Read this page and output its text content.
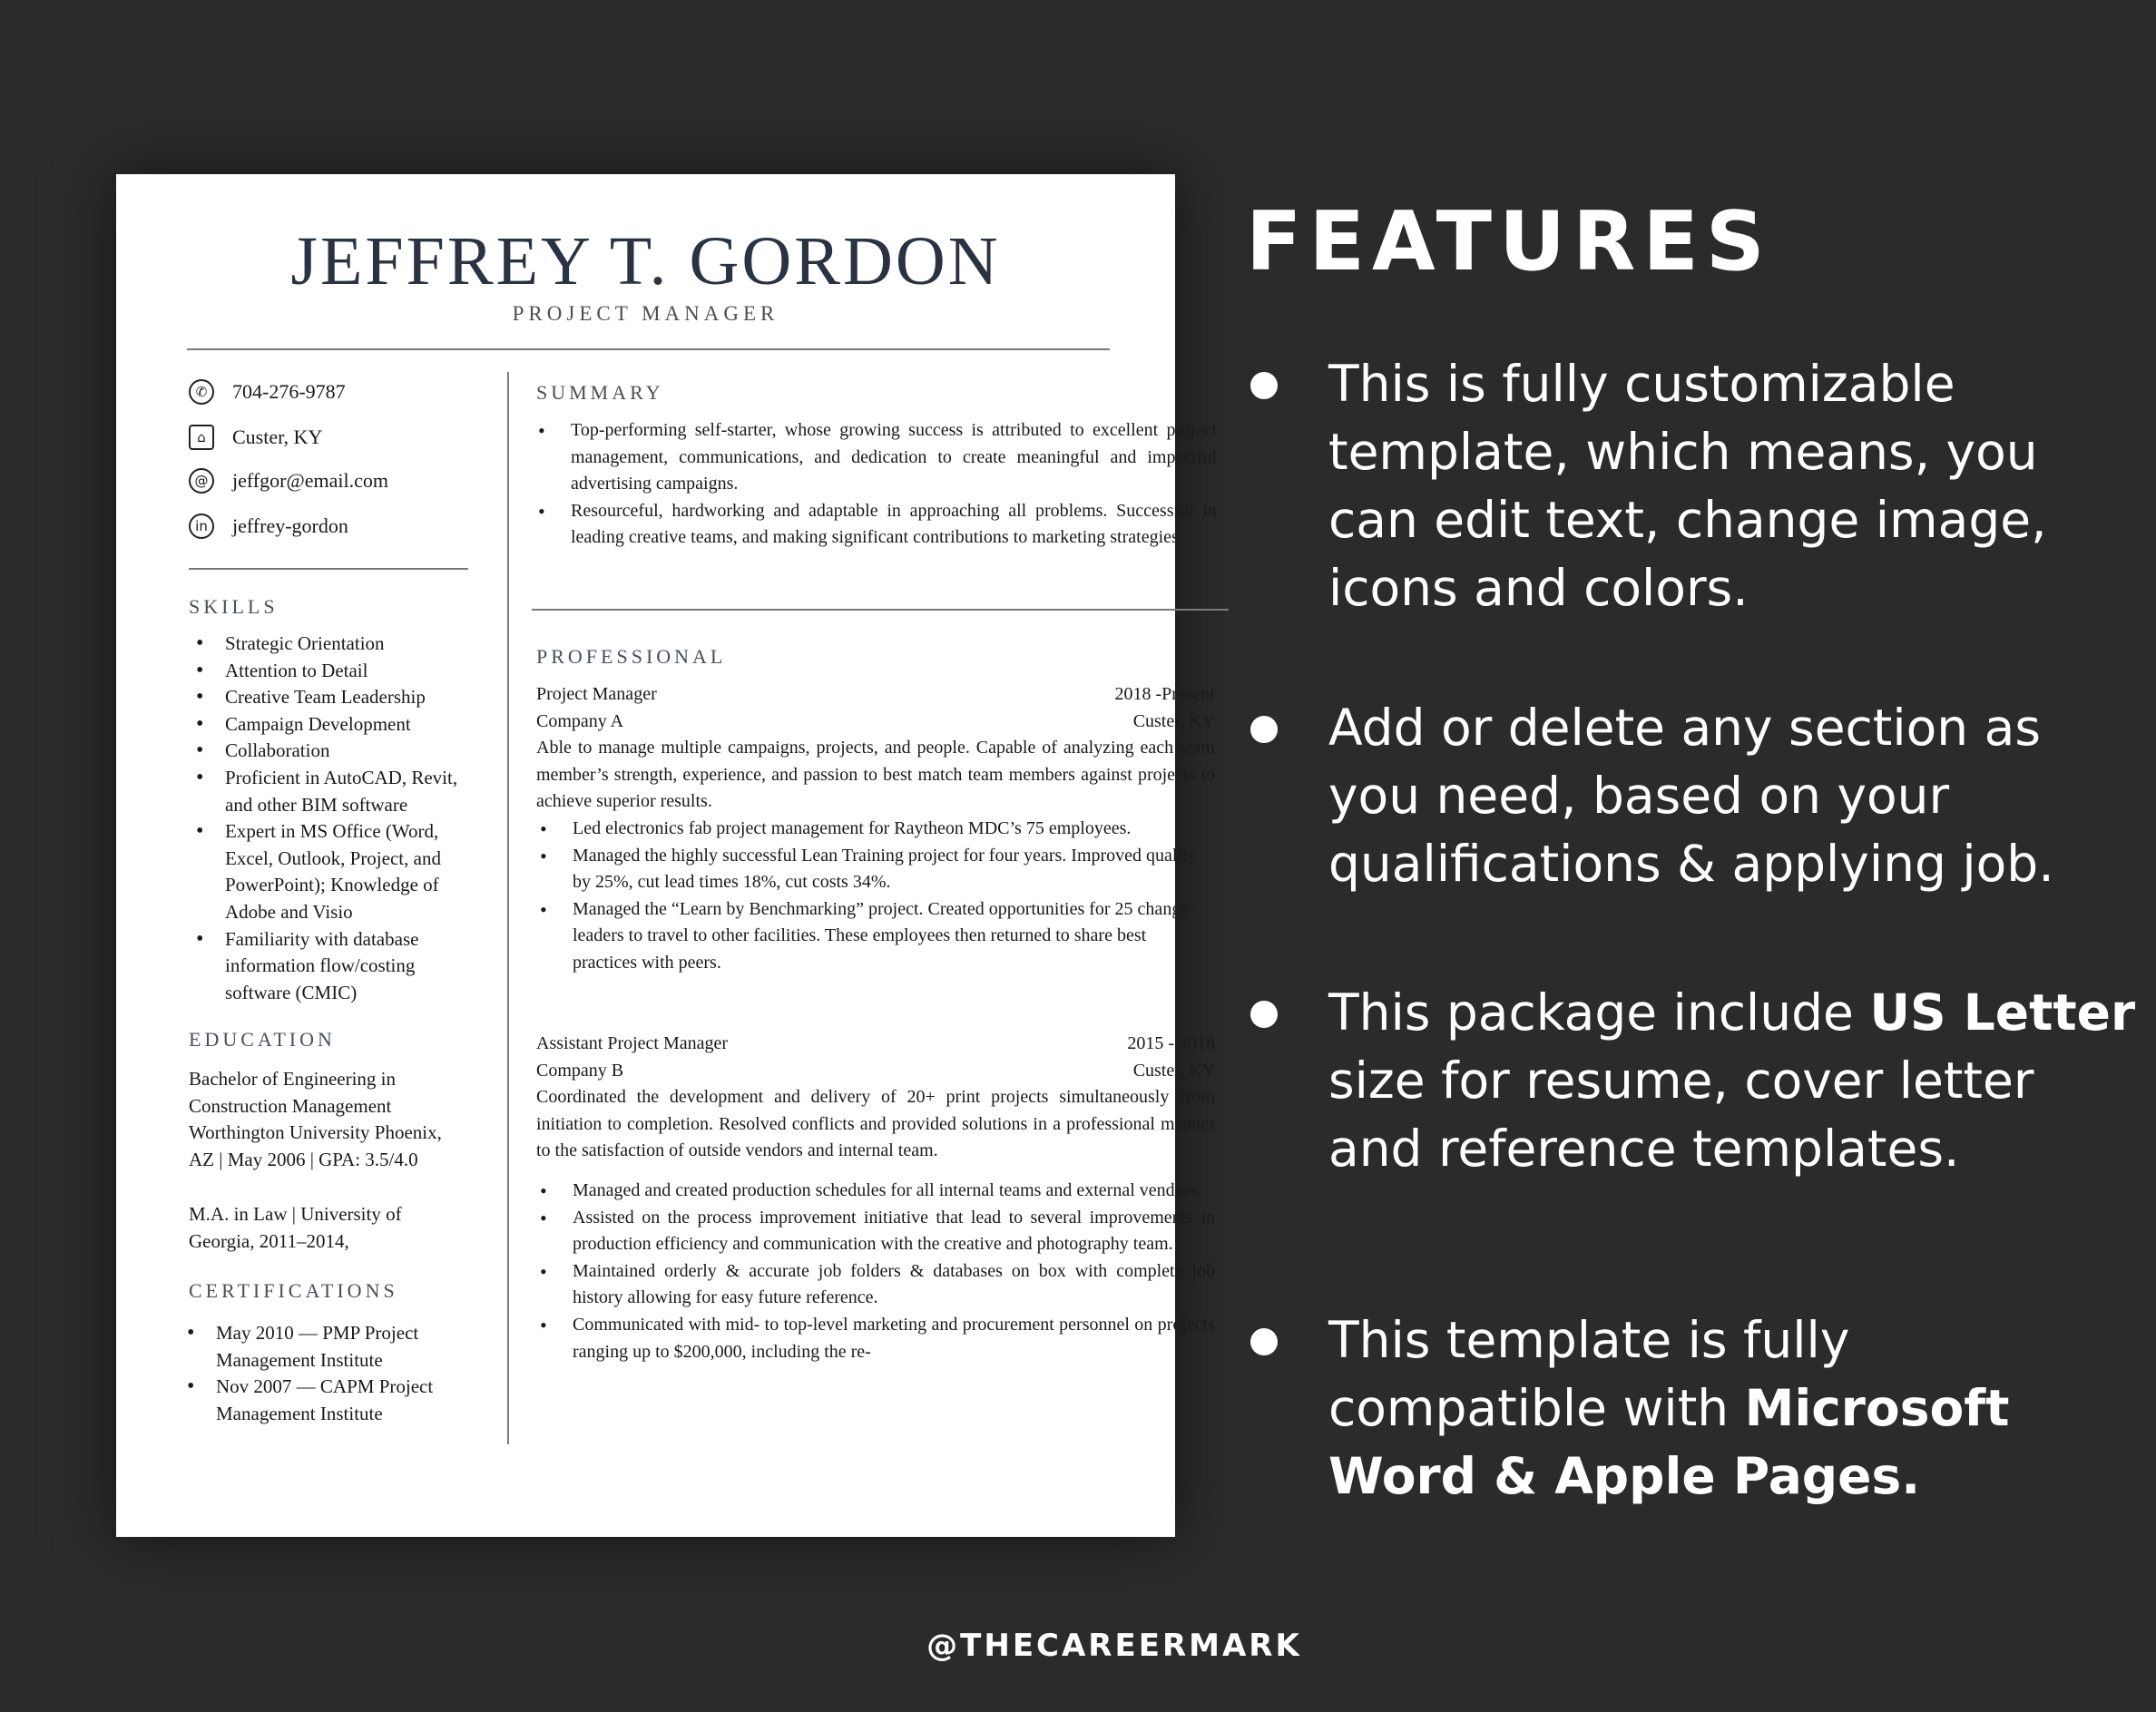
JEFFREY T. GORDON
PROJECT MANAGER
✆ 704-276-9787
⌂ Custer, KY
@ jeffgor@email.com
in jeffrey-gordon
SKILLS
• Strategic Orientation
• Attention to Detail
• Creative Team Leadership
• Campaign Development
• Collaboration
• Proficient in AutoCAD, Revit, and other BIM software
• Expert in MS Office (Word, Excel, Outlook, Project, and PowerPoint); Knowledge of Adobe and Visio
• Familiarity with database information flow/costing software (CMIC)
EDUCATION
Bachelor of Engineering in Construction Management Worthington University Phoenix, AZ | May 2006 | GPA: 3.5/4.0
M.A. in Law | University of Georgia, 2011–2014,
CERTIFICATIONS
• May 2010 — PMP Project Management Institute
• Nov 2007 — CAPM Project Management Institute
SUMMARY
• Top-performing self-starter, whose growing success is attributed to excellent project management, communications, and dedication to create meaningful and impactful advertising campaigns.
• Resourceful, hardworking and adaptable in approaching all problems. Successful in leading creative teams, and making significant contributions to marketing strategies.
PROFESSIONAL
Project Manager	2018 -Present
Company A	Custer, KY
Able to manage multiple campaigns, projects, and people. Capable of analyzing each team member’s strength, experience, and passion to best match team members against projects to achieve superior results.
• Led electronics fab project management for Raytheon MDC’s 75 employees.
• Managed the highly successful Lean Training project for four years. Improved quality by 25%, cut lead times 18%, cut costs 34%.
• Managed the “Learn by Benchmarking” project. Created opportunities for 25 change-leaders to travel to other facilities. These employees then returned to share best practices with peers.
Assistant Project Manager	2015 - 2018
Company B	Custer, KY
Coordinated the development and delivery of 20+ print projects simultaneously from initiation to completion. Resolved conflicts and provided solutions in a professional manner to the satisfaction of outside vendors and internal team.
• Managed and created production schedules for all internal teams and external vendors.
• Assisted on the process improvement initiative that lead to several improvements in production efficiency and communication with the creative and photography team.
• Maintained orderly & accurate job folders & databases on box with complete job history allowing for easy future reference.
• Communicated with mid- to top-level marketing and procurement personnel on projects ranging up to $200,000, including the re-
FEATURES
This is fully customizable template, which means, you can edit text, change image, icons and colors.
Add or delete any section as you need, based on your qualifications & applying job.
This package include US Letter size for resume, cover letter and reference templates.
This template is fully compatible with Microsoft Word & Apple Pages.
@THECAREERMARK
